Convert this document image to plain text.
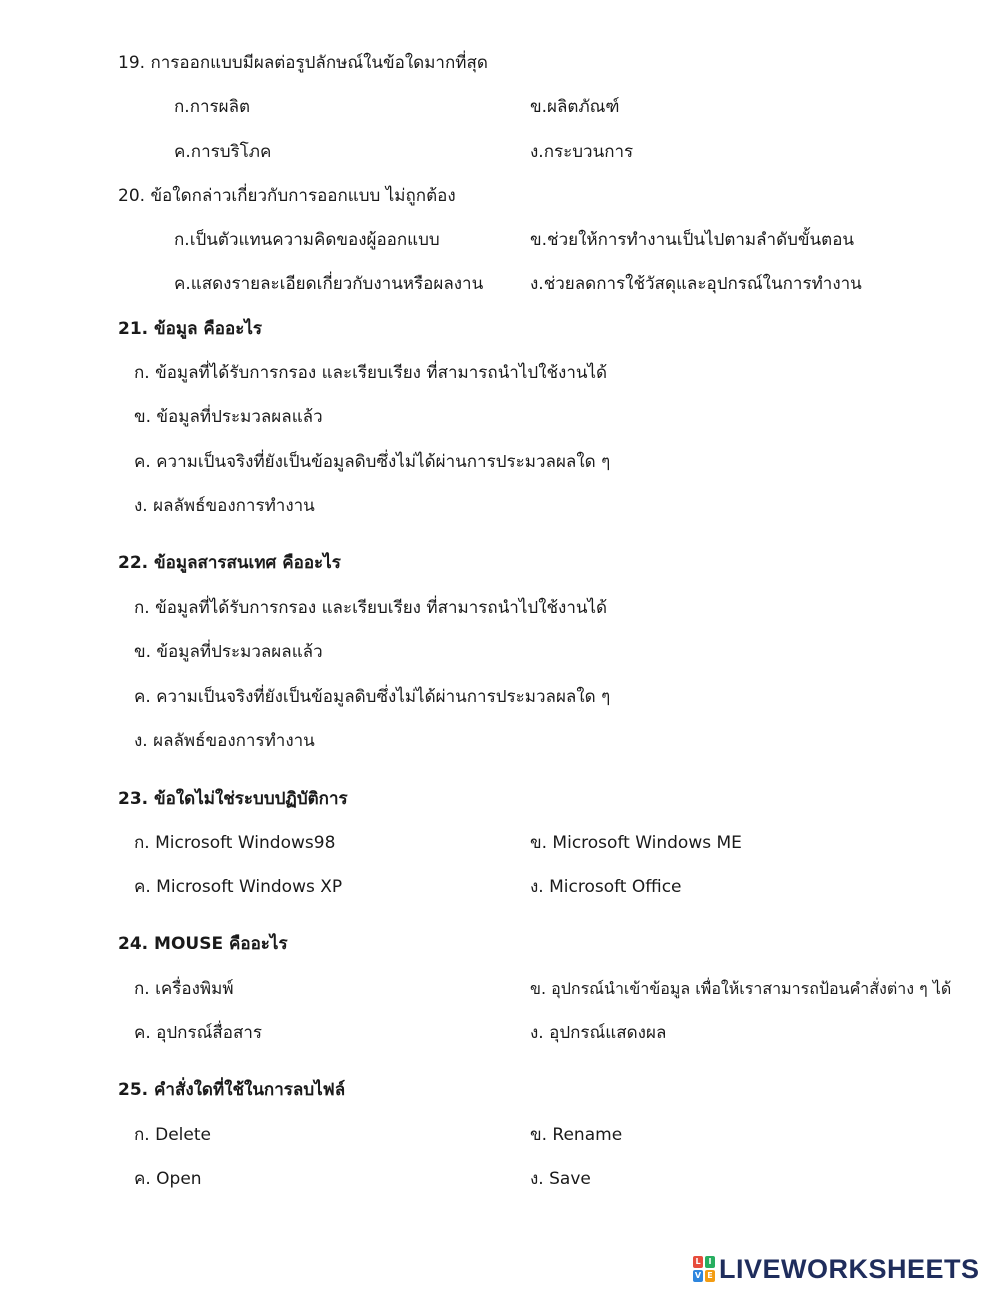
19. การออกแบบมีผลต่อรูปลักษณ์ในข้อใดมากที่สุด
ก.การผลิต	ข.ผลิตภัณฑ์
ค.การบริโภค	ง.กระบวนการ
20. ข้อใดกล่าวเกี่ยวกับการออกแบบ ไม่ถูกต้อง
ก.เป็นตัวแทนความคิดของผู้ออกแบบ	ข.ช่วยให้การทำงานเป็นไปตามลำดับขั้นตอน
ค.แสดงรายละเอียดเกี่ยวกับงานหรือผลงาน	ง.ช่วยลดการใช้วัสดุและอุปกรณ์ในการทำงาน
21. ข้อมูล คืออะไร
ก. ข้อมูลที่ได้รับการกรอง และเรียบเรียง ที่สามารถนำไปใช้งานได้
ข. ข้อมูลที่ประมวลผลแล้ว
ค. ความเป็นจริงที่ยังเป็นข้อมูลดิบซึ่งไม่ได้ผ่านการประมวลผลใด ๆ
ง. ผลลัพธ์ของการทำงาน
22. ข้อมูลสารสนเทศ คืออะไร
ก. ข้อมูลที่ได้รับการกรอง และเรียบเรียง ที่สามารถนำไปใช้งานได้
ข. ข้อมูลที่ประมวลผลแล้ว
ค. ความเป็นจริงที่ยังเป็นข้อมูลดิบซึ่งไม่ได้ผ่านการประมวลผลใด ๆ
ง. ผลลัพธ์ของการทำงาน
23. ข้อใดไม่ใช่ระบบปฏิบัติการ
ก. Microsoft Windows98	ข. Microsoft Windows ME
ค. Microsoft Windows XP	ง. Microsoft Office
24. MOUSE คืออะไร
ก. เครื่องพิมพ์	ข. อุปกรณ์นำเข้าข้อมูล เพื่อให้เราสามารถป้อนคำสั่งต่าง ๆ ได้
ค. อุปกรณ์สื่อสาร	ง. อุปกรณ์แสดงผล
25. คำสั่งใดที่ใช้ในการลบไฟล์
ก. Delete	ข. Rename
ค. Open	ง. Save
L I
V E LIVEWORKSHEETS
